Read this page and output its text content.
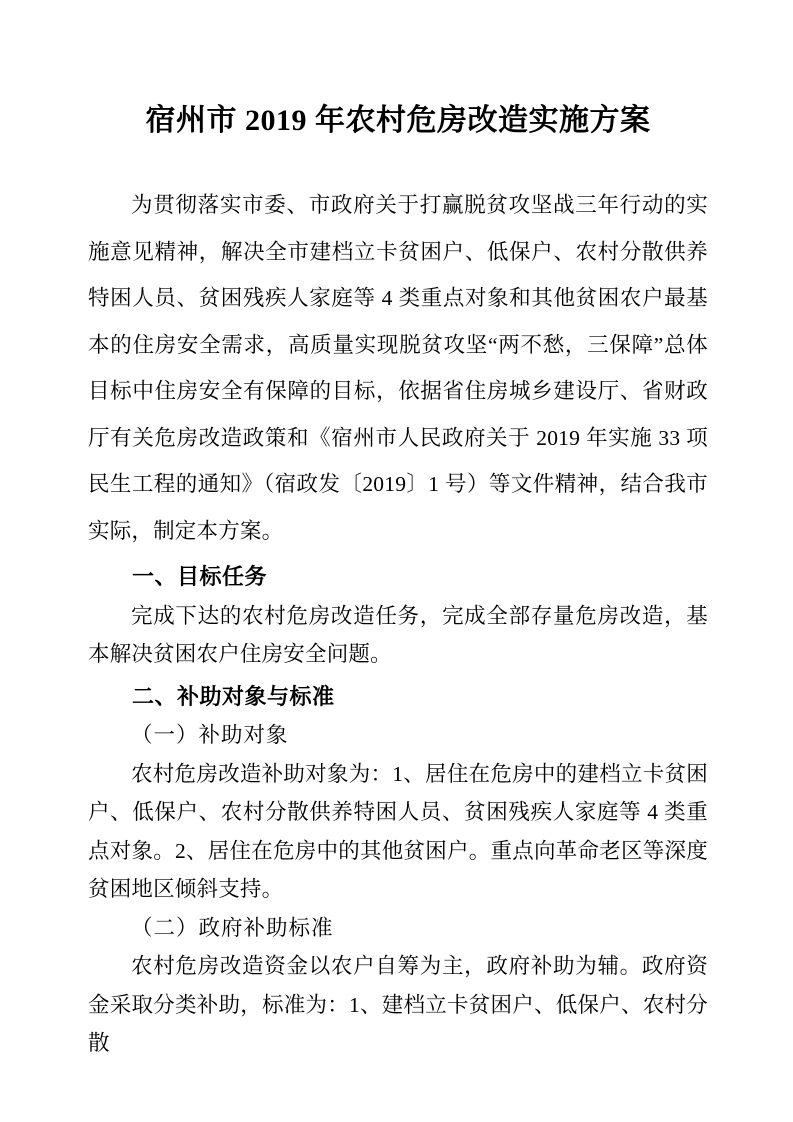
宿州市 2019 年农村危房改造实施方案

为贯彻落实市委、市政府关于打赢脱贫攻坚战三年行动的实施意见精神，解决全市建档立卡贫困户、低保户、农村分散供养特困人员、贫困残疾人家庭等 4 类重点对象和其他贫困农户最基本的住房安全需求，高质量实现脱贫攻坚“两不愁，三保障”总体目标中住房安全有保障的目标，依据省住房城乡建设厅、省财政厅有关危房改造政策和《宿州市人民政府关于 2019 年实施 33 项民生工程的通知》（宿政发〔2019〕1 号）等文件精神，结合我市实际，制定本方案。

一、目标任务

完成下达的农村危房改造任务，完成全部存量危房改造，基本解决贫困农户住房安全问题。

二、补助对象与标准
（一）补助对象

农村危房改造补助对象为：1、居住在危房中的建档立卡贫困户、低保户、农村分散供养特困人员、贫困残疾人家庭等 4 类重点对象。2、居住在危房中的其他贫困户。重点向革命老区等深度贫困地区倾斜支持。

（二）政府补助标准

农村危房改造资金以农户自筹为主，政府补助为辅。政府资金采取分类补助，标准为：1、建档立卡贫困户、低保户、农村分散
